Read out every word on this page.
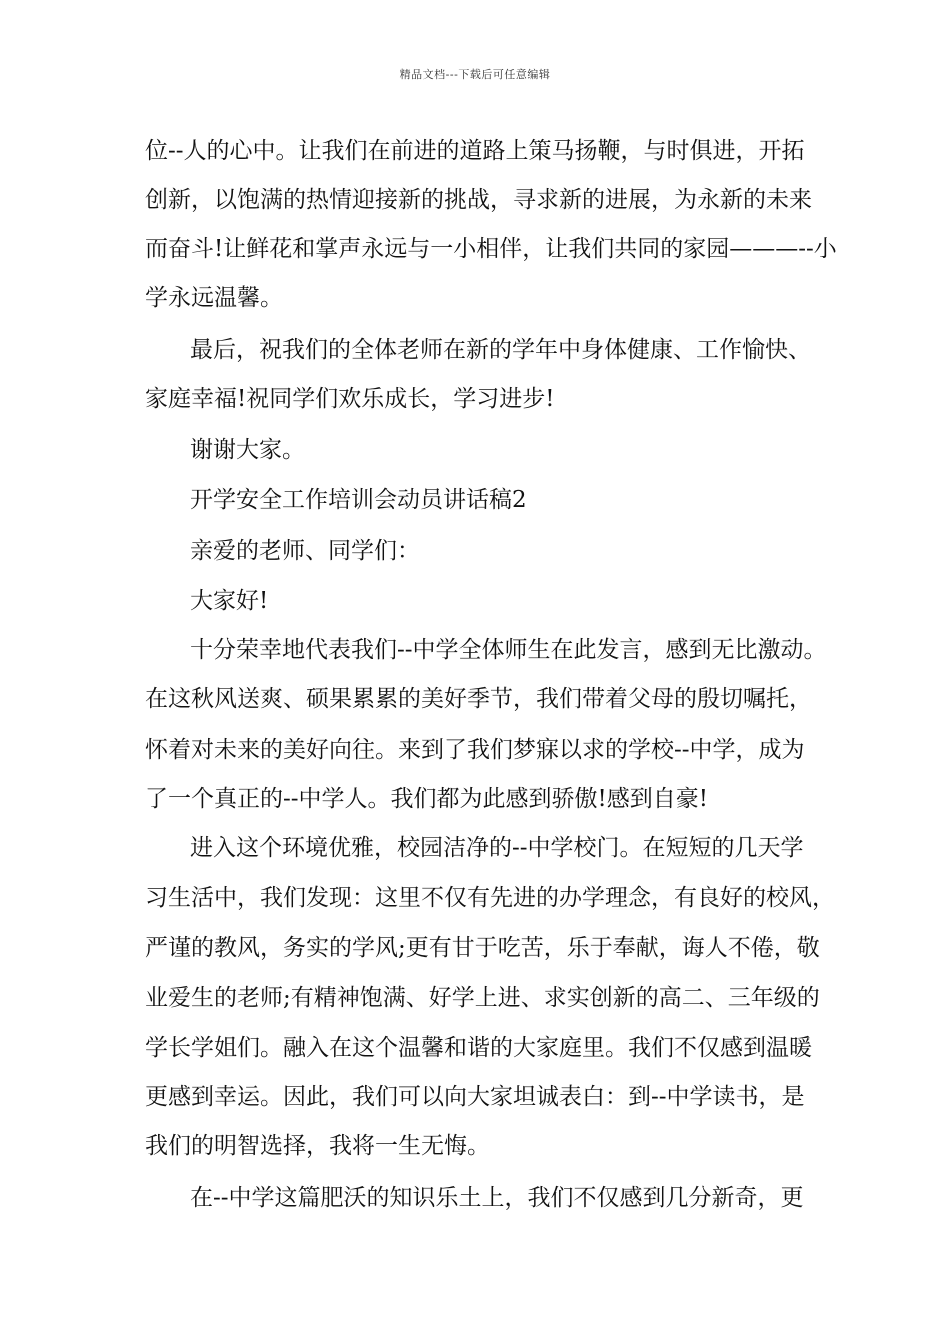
精品文档---下载后可任意编辑
位--人的心中。让我们在前进的道路上策马扬鞭，与时俱进，开拓
创新，以饱满的热情迎接新的挑战，寻求新的进展，为永新的未来
而奋斗!让鲜花和掌声永远与一小相伴，让我们共同的家园———--小
学永远温馨。
最后，祝我们的全体老师在新的学年中身体健康、工作愉快、
家庭幸福!祝同学们欢乐成长，学习进步!
谢谢大家。
开学安全工作培训会动员讲话稿2
亲爱的老师、同学们：
大家好!
十分荣幸地代表我们--中学全体师生在此发言，感到无比激动。
在这秋风送爽、硕果累累的美好季节，我们带着父母的殷切嘱托，
怀着对未来的美好向往。来到了我们梦寐以求的学校--中学，成为
了一个真正的--中学人。我们都为此感到骄傲!感到自豪!
进入这个环境优雅，校园洁净的--中学校门。在短短的几天学
习生活中，我们发现：这里不仅有先进的办学理念，有良好的校风，
严谨的教风，务实的学风;更有甘于吃苦，乐于奉献，诲人不倦，敬
业爱生的老师;有精神饱满、好学上进、求实创新的高二、三年级的
学长学姐们。融入在这个温馨和谐的大家庭里。我们不仅感到温暖
更感到幸运。因此，我们可以向大家坦诚表白：到--中学读书，是
我们的明智选择，我将一生无悔。
在--中学这篇肥沃的知识乐土上，我们不仅感到几分新奇，更
